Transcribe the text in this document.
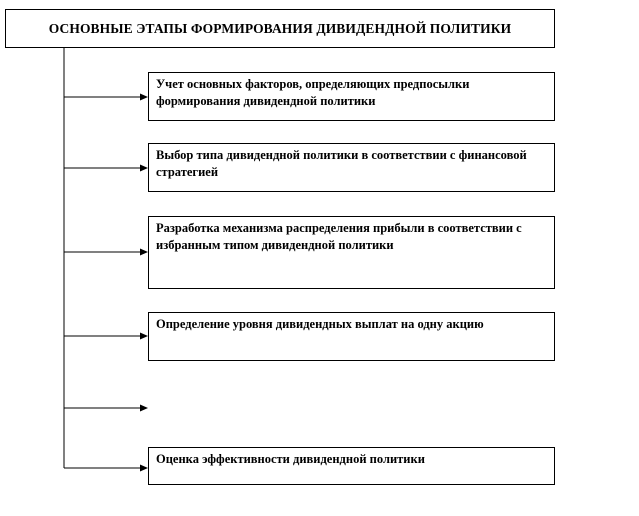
ОСНОВНЫЕ ЭТАПЫ ФОРМИРОВАНИЯ ДИВИДЕНДНОЙ ПОЛИТИКИ
Учет основных факторов, определяющих предпосылки формирования дивидендной политики
Выбор типа дивидендной политики в соответствии с финансовой стратегией
Разработка механизма распределения прибыли в соответствии с избранным типом дивидендной политики
Определение уровня дивидендных выплат на одну акцию
Оценка эффективности дивидендной политики
